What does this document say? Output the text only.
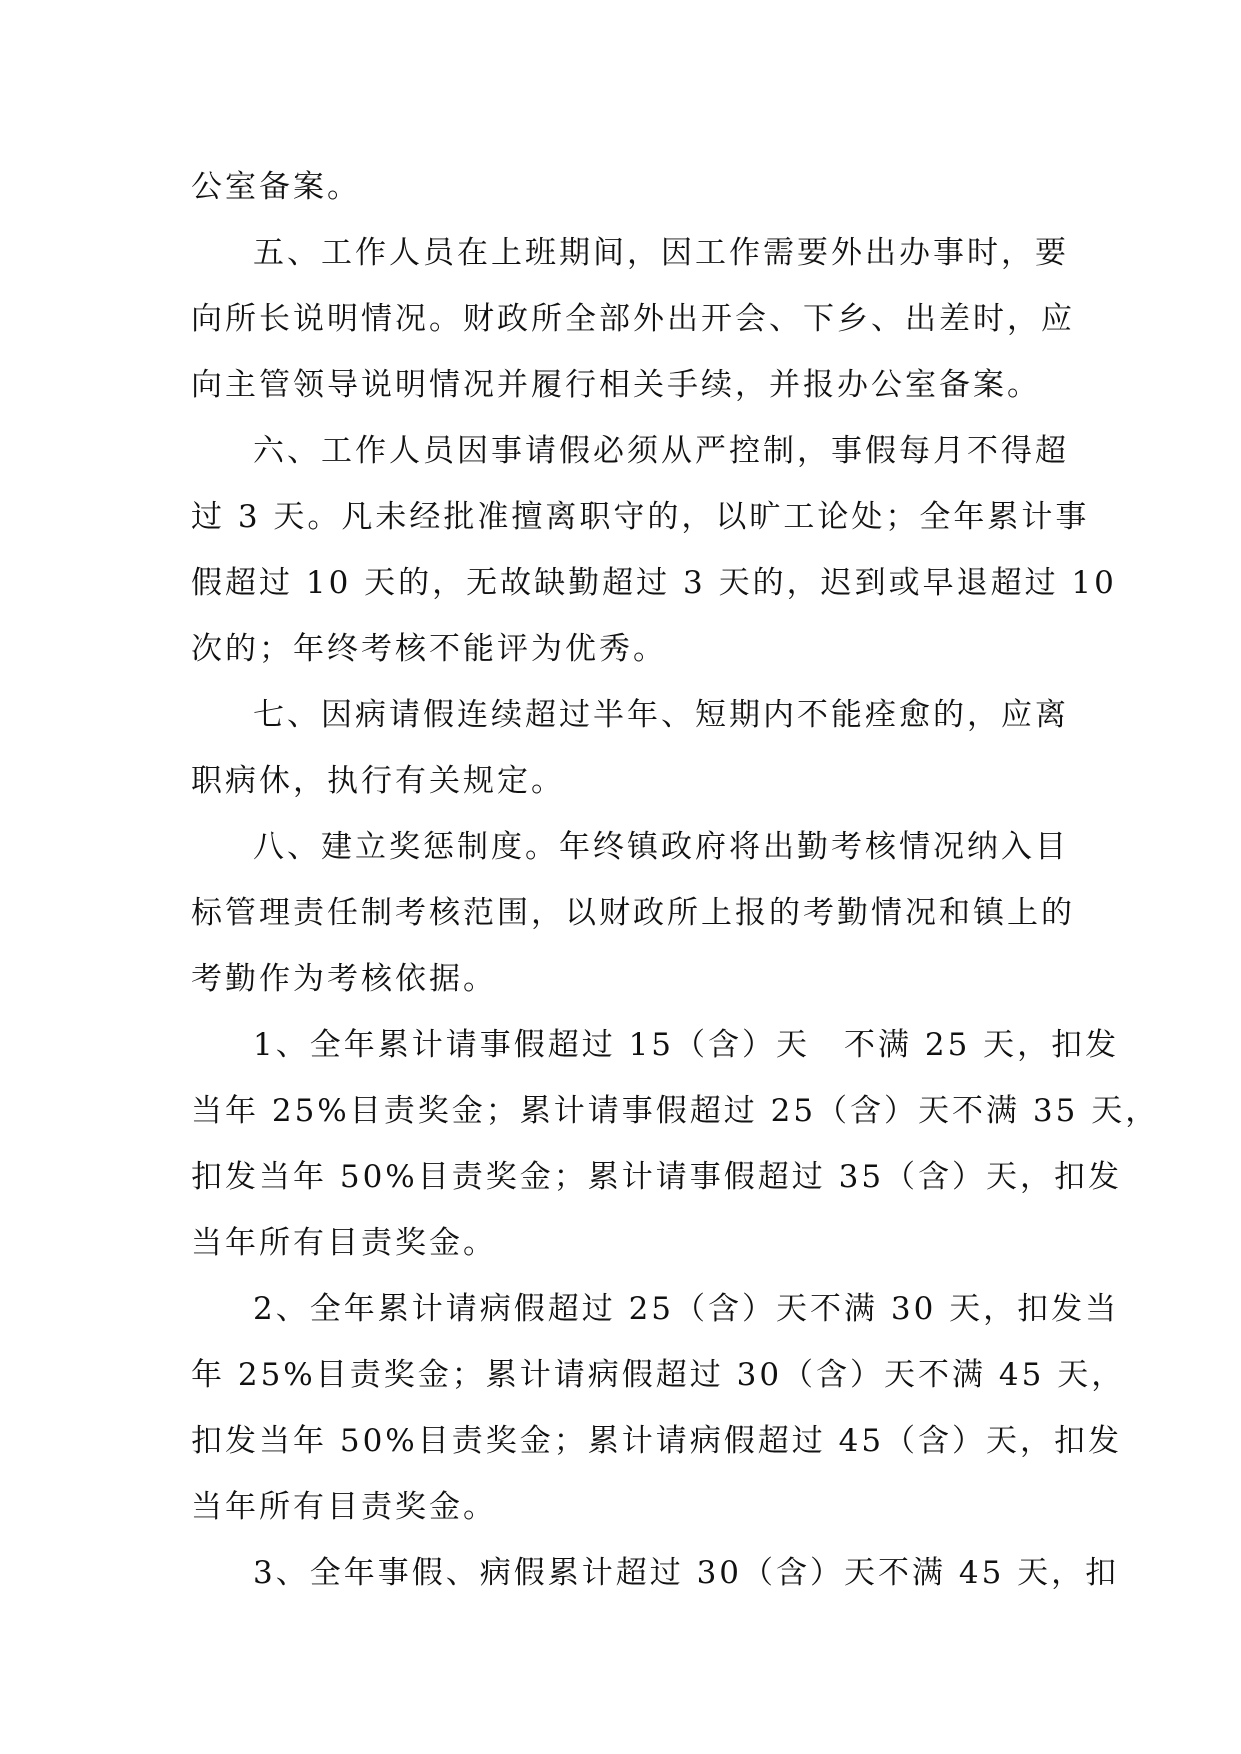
公室备案。
五、工作人员在上班期间，因工作需要外出办事时，要
向所长说明情况。财政所全部外出开会、下乡、出差时，应
向主管领导说明情况并履行相关手续，并报办公室备案。
六、工作人员因事请假必须从严控制，事假每月不得超
过 3 天。凡未经批准擅离职守的，以旷工论处；全年累计事
假超过 10 天的，无故缺勤超过 3 天的，迟到或早退超过 10
次的；年终考核不能评为优秀。
七、因病请假连续超过半年、短期内不能痊愈的，应离
职病休，执行有关规定。
八、建立奖惩制度。年终镇政府将出勤考核情况纳入目
标管理责任制考核范围，以财政所上报的考勤情况和镇上的
考勤作为考核依据。
1、全年累计请事假超过 15（含）天　不满 25 天，扣发
当年 25%目责奖金；累计请事假超过 25（含）天不满 35 天，
扣发当年 50%目责奖金；累计请事假超过 35（含）天，扣发
当年所有目责奖金。
2、全年累计请病假超过 25（含）天不满 30 天，扣发当
年 25%目责奖金；累计请病假超过 30（含）天不满 45 天，
扣发当年 50%目责奖金；累计请病假超过 45（含）天，扣发
当年所有目责奖金。
3、全年事假、病假累计超过 30（含）天不满 45 天，扣
